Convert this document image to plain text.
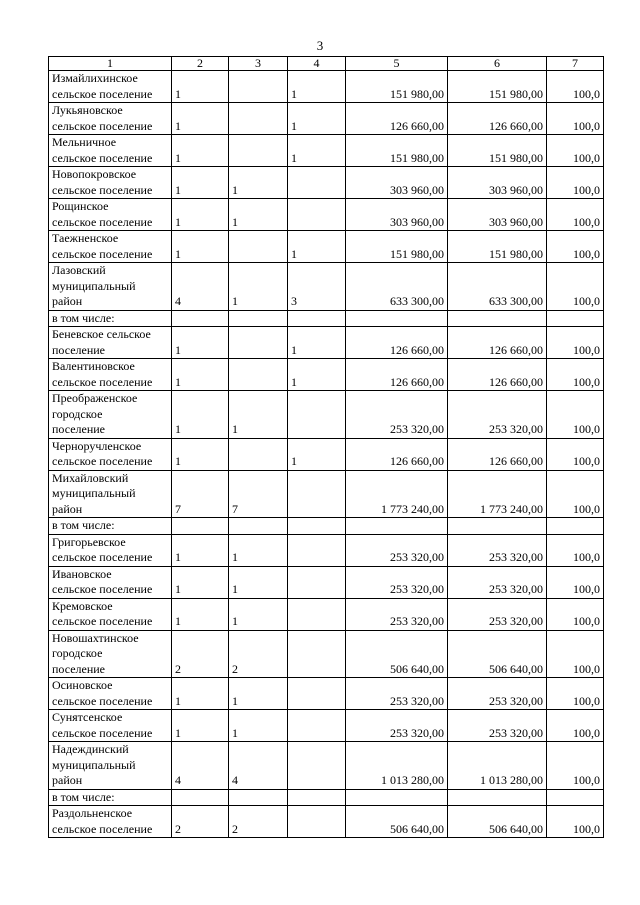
3
1	2	3	4	5	6	7

Измайлихинское
сельское поселение	1		1	151 980,00	151 980,00	100,0

Лукьяновское
сельское поселение	1		1	126 660,00	126 660,00	100,0

Мельничное
сельское поселение	1		1	151 980,00	151 980,00	100,0

Новопокровское
сельское поселение	1	1		303 960,00	303 960,00	100,0

Рощинское
сельское поселение	1	1		303 960,00	303 960,00	100,0

Таежненское
сельское поселение	1		1	151 980,00	151 980,00	100,0

Лазовский
муниципальный
район	4	1	3	633 300,00	633 300,00	100,0

в том числе:						

Беневское сельское
поселение	1		1	126 660,00	126 660,00	100,0

Валентиновское
сельское поселение	1		1	126 660,00	126 660,00	100,0

Преображенское
городское
поселение	1	1		253 320,00	253 320,00	100,0

Черноручленское
сельское поселение	1		1	126 660,00	126 660,00	100,0

Михайловский
муниципальный
район	7	7		1 773 240,00	1 773 240,00	100,0

в том числе:						

Григорьевское
сельское поселение	1	1		253 320,00	253 320,00	100,0

Ивановское
сельское поселение	1	1		253 320,00	253 320,00	100,0

Кремовское
сельское поселение	1	1		253 320,00	253 320,00	100,0

Новошахтинское
городское
поселение	2	2		506 640,00	506 640,00	100,0

Осиновское
сельское поселение	1	1		253 320,00	253 320,00	100,0

Сунятсенское
сельское поселение	1	1		253 320,00	253 320,00	100,0

Надеждинский
муниципальный
район	4	4		1 013 280,00	1 013 280,00	100,0

в том числе:						

Раздольненское
сельское поселение	2	2		506 640,00	506 640,00	100,0
